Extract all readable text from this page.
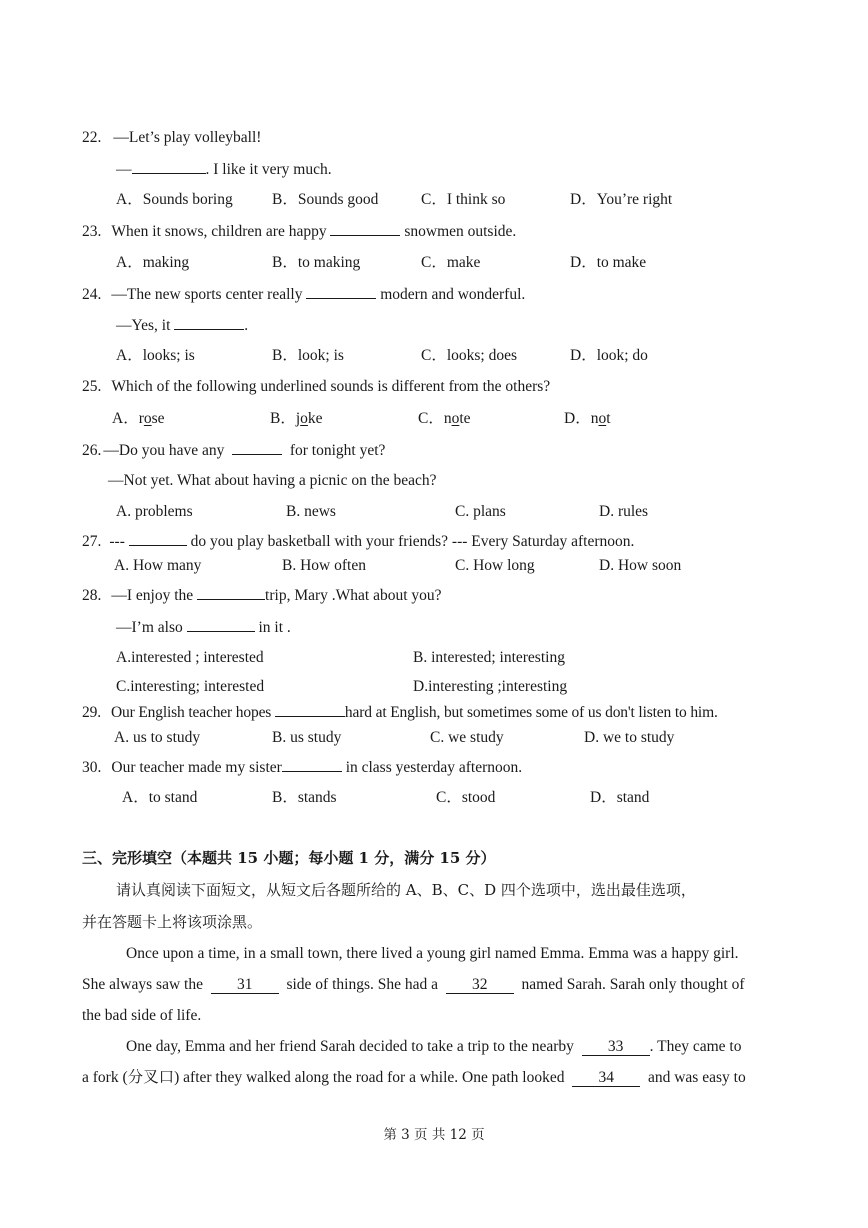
22. —Let’s play volleyball!
—	. I like it very much.
A．Sounds boring	B．Sounds good	C．I think so	D．You’re right
23. When it snows, children are happy	snowmen outside.
A．making	B．to making	C．make	D．to make
24. —The new sports center really	modern and wonderful.
—Yes, it	.
A．looks; is	B．look; is	C．looks; does	D．look; do
25. Which of the following underlined sounds is different from the others?
A．rose	B．joke	C．note	D．not
26. —Do you have any	for tonight yet?
—Not yet. What about having a picnic on the beach?
A. problems	B. news	C. plans	D. rules
27. ---	do you play basketball with your friends? --- Every Saturday afternoon.
A. How many	B. How often	C. How long	D. How soon
28. —I enjoy the	trip, Mary .What about you?
—I’m also	in it .
A.interested ; interested	B. interested; interesting
C.interesting; interested	D.interesting ;interesting
29. Our English teacher hopes	hard at English, but sometimes some of us don't listen to him.
A. us to study	B. us study	C. we study	D. we to study
30. Our teacher made my sister	in class yesterday afternoon.
A．to stand	B．stands	C．stood	D．stand
三、完形填空（本题共 15 小题；每小题 1 分，满分 15 分）
请认真阅读下面短文，从短文后各题所给的 A、B、C、D 四个选项中，选出最佳选项，
并在答题卡上将该项涂黑。
Once upon a time, in a small town, there lived a young girl named Emma. Emma was a happy girl.
She always saw the 31 side of things. She had a 32 named Sarah. Sarah only thought of
the bad side of life.
One day, Emma and her friend Sarah decided to take a trip to the nearby 33 . They came to
a fork (分叉口) after they walked along the road for a while. One path looked 34 and was easy to
第 3 页 共 12 页
